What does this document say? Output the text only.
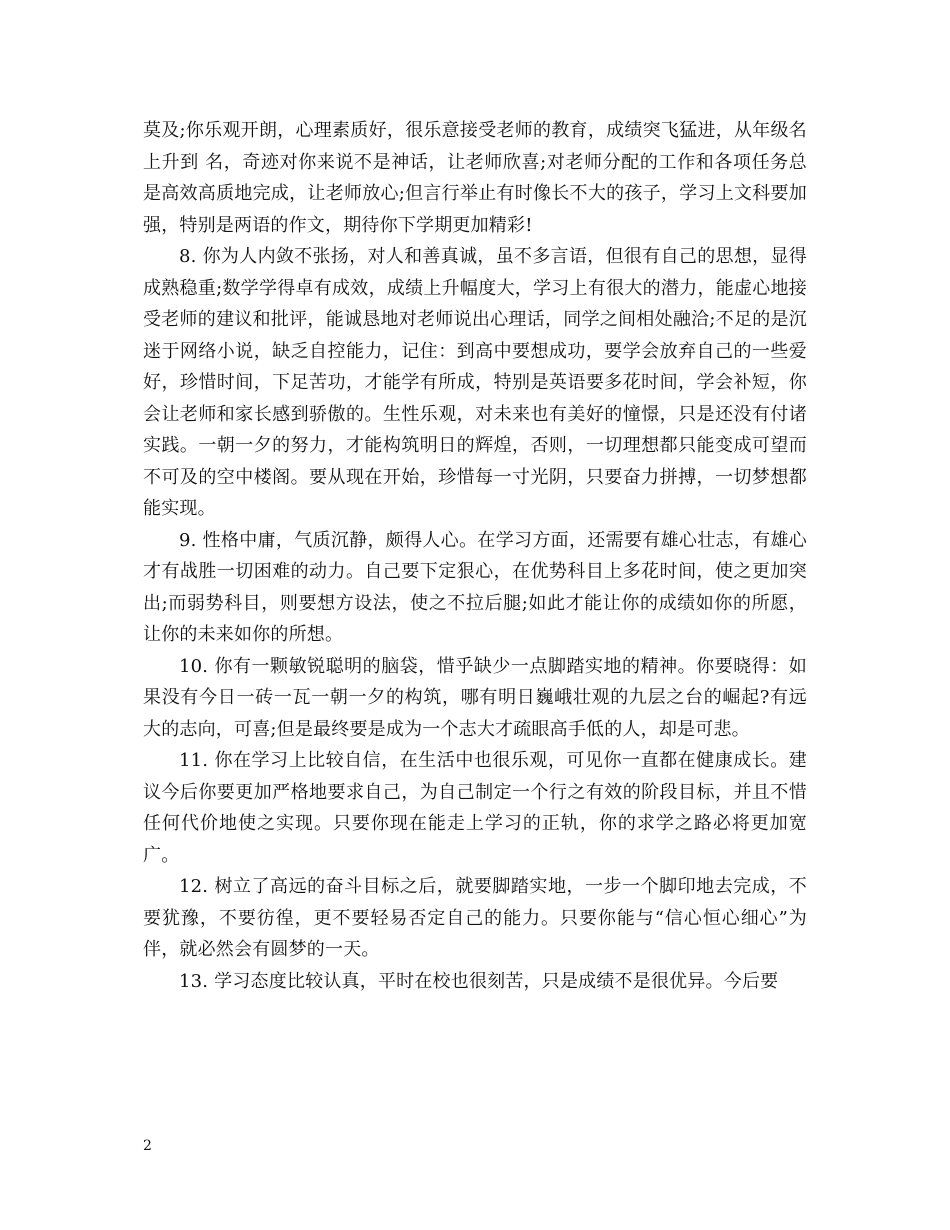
莫及;你乐观开朗，心理素质好，很乐意接受老师的教育，成绩突飞猛进，从年级名上升到 名，奇迹对你来说不是神话，让老师欣喜;对老师分配的工作和各项任务总是高效高质地完成，让老师放心;但言行举止有时像长不大的孩子，学习上文科要加强，特别是两语的作文，期待你下学期更加精彩!

8. 你为人内敛不张扬，对人和善真诚，虽不多言语，但很有自己的思想，显得成熟稳重;数学学得卓有成效，成绩上升幅度大，学习上有很大的潜力，能虚心地接受老师的建议和批评，能诚恳地对老师说出心理话，同学之间相处融洽;不足的是沉迷于网络小说，缺乏自控能力，记住：到高中要想成功，要学会放弃自己的一些爱好，珍惜时间，下足苦功，才能学有所成，特别是英语要多花时间，学会补短，你会让老师和家长感到骄傲的。生性乐观，对未来也有美好的憧憬，只是还没有付诸实践。一朝一夕的努力，才能构筑明日的辉煌，否则，一切理想都只能变成可望而不可及的空中楼阁。要从现在开始，珍惜每一寸光阴，只要奋力拼搏，一切梦想都能实现。

9. 性格中庸，气质沉静，颇得人心。在学习方面，还需要有雄心壮志，有雄心才有战胜一切困难的动力。自己要下定狠心，在优势科目上多花时间，使之更加突出;而弱势科目，则要想方设法，使之不拉后腿;如此才能让你的成绩如你的所愿，让你的未来如你的所想。

10. 你有一颗敏锐聪明的脑袋，惜乎缺少一点脚踏实地的精神。你要晓得：如果没有今日一砖一瓦一朝一夕的构筑，哪有明日巍峨壮观的九层之台的崛起?有远大的志向，可喜;但是最终要是成为一个志大才疏眼高手低的人，却是可悲。

11. 你在学习上比较自信，在生活中也很乐观，可见你一直都在健康成长。建议今后你要更加严格地要求自己，为自己制定一个行之有效的阶段目标，并且不惜任何代价地使之实现。只要你现在能走上学习的正轨，你的求学之路必将更加宽广。

12. 树立了高远的奋斗目标之后，就要脚踏实地，一步一个脚印地去完成，不要犹豫，不要彷徨，更不要轻易否定自己的能力。只要你能与“信心恒心细心”为伴，就必然会有圆梦的一天。

13. 学习态度比较认真，平时在校也很刻苦，只是成绩不是很优异。今后要

2
